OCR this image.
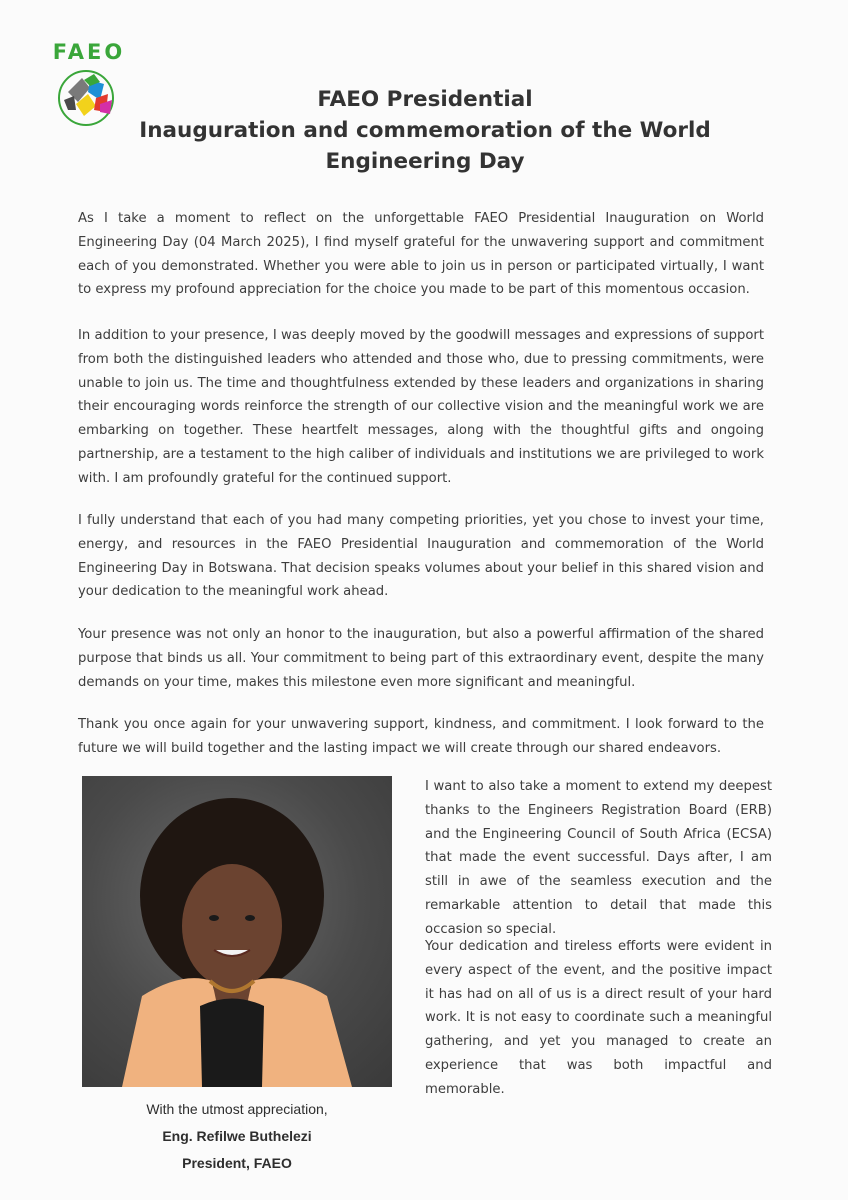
FAEO
FAEO Presidential
Inauguration and commemoration of the World
Engineering Day

As I take a moment to reflect on the unforgettable FAEO Presidential Inauguration on World Engineering Day (04 March 2025), I find myself grateful for the unwavering support and commitment each of you demonstrated. Whether you were able to join us in person or participated virtually, I want to express my profound appreciation for the choice you made to be part of this momentous occasion.

In addition to your presence, I was deeply moved by the goodwill messages and expressions of support from both the distinguished leaders who attended and those who, due to pressing commitments, were unable to join us. The time and thoughtfulness extended by these leaders and organizations in sharing their encouraging words reinforce the strength of our collective vision and the meaningful work we are embarking on together. These heartfelt messages, along with the thoughtful gifts and ongoing partnership, are a testament to the high caliber of individuals and institutions we are privileged to work with. I am profoundly grateful for the continued support.

I fully understand that each of you had many competing priorities, yet you chose to invest your time, energy, and resources in the FAEO Presidential Inauguration and commemoration of the World Engineering Day in Botswana. That decision speaks volumes about your belief in this shared vision and your dedication to the meaningful work ahead.

Your presence was not only an honor to the inauguration, but also a powerful affirmation of the shared purpose that binds us all. Your commitment to being part of this extraordinary event, despite the many demands on your time, makes this milestone even more significant and meaningful.

Thank you once again for your unwavering support, kindness, and commitment. I look forward to the future we will build together and the lasting impact we will create through our shared endeavors.

I want to also take a moment to extend my deepest thanks to the Engineers Registration Board (ERB) and the Engineering Council of South Africa (ECSA) that made the event successful. Days after, I am still in awe of the seamless execution and the remarkable attention to detail that made this occasion so special.

Your dedication and tireless efforts were evident in every aspect of the event, and the positive impact it has had on all of us is a direct result of your hard work. It is not easy to coordinate such a meaningful gathering, and yet you managed to create an experience that was both impactful and memorable.

With the utmost appreciation,

Eng. Refilwe Buthelezi

President, FAEO
